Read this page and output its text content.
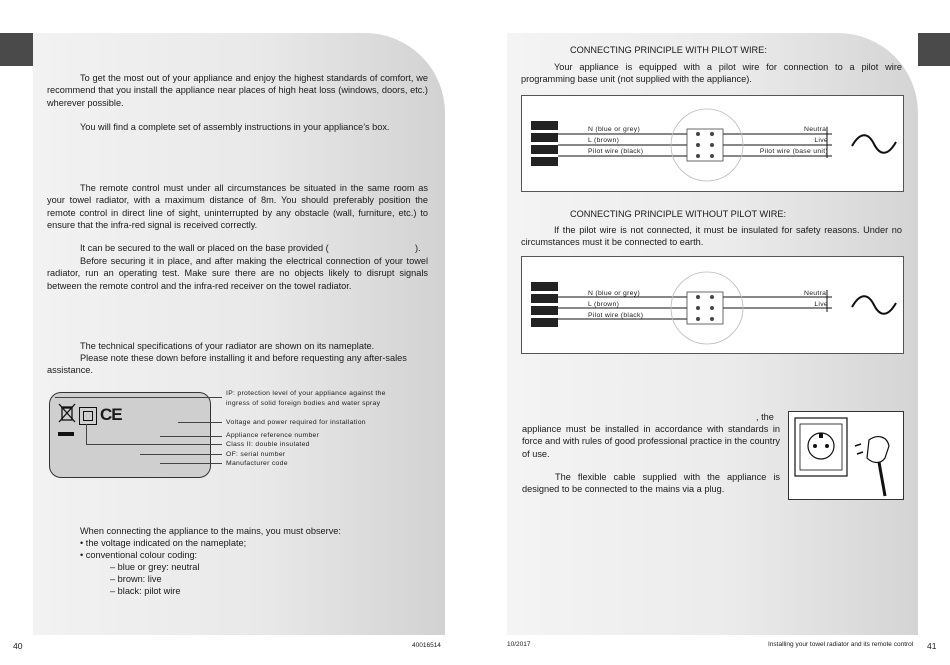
To get the most out of your appliance and enjoy the highest standards of comfort, we recommend that you install the appliance near places of high heat loss (windows, doors, etc.) wherever possible.
You will find a complete set of assembly instructions in your appliance’s box.
The remote control must under all circumstances be situated in the same room as your towel radiator, with a maximum distance of 8m. You should preferably position the remote control in direct line of sight, uninterrupted by any obstacle (wall, furniture, etc.) to ensure that the infra-red signal is received correctly.
It can be secured to the wall or placed on the base provided (	).
Before securing it in place, and after making the electrical connection of your towel radiator, run an operating test. Make sure there are no objects likely to disrupt signals between the remote control and the infra-red receiver on the towel radiator.
The technical specifications of your radiator are shown on its nameplate.
Please note these down before installing it and before requesting any after-sales assistance.
CE
IP: protection level of your appliance against the
ingress of solid foreign bodies and water spray
Voltage and power required for installation
Appliance reference number
Class II: double insulated
OF: serial number
Manufacturer code
When connecting the appliance to the mains, you must observe:
• the voltage indicated on the nameplate;
• conventional colour coding:
– blue or grey: neutral
– brown: live
– black: pilot wire
40	40016514
CONNECTING PRINCIPLE WITH PILOT WIRE:
Your appliance is equipped with a pilot wire for connection to a pilot wire programming base unit (not supplied with the appliance).
N (blue or grey)
L (brown)
Pilot wire (black)
Neutral
Live
Pilot wire (base unit)
CONNECTING PRINCIPLE WITHOUT PILOT WIRE:
If the pilot wire is not connected, it must be insulated for safety reasons. Under no circumstances must it be connected to earth.
N (blue or grey)
L (brown)
Pilot wire (black)
Neutral
Live
, the
appliance must be installed in accordance with standards in force and with rules of good professional practice in the country of use.
The flexible cable supplied with the appliance is designed to be connected to the mains via a plug.
10/2017	Installing your towel radiator and its remote control 41
